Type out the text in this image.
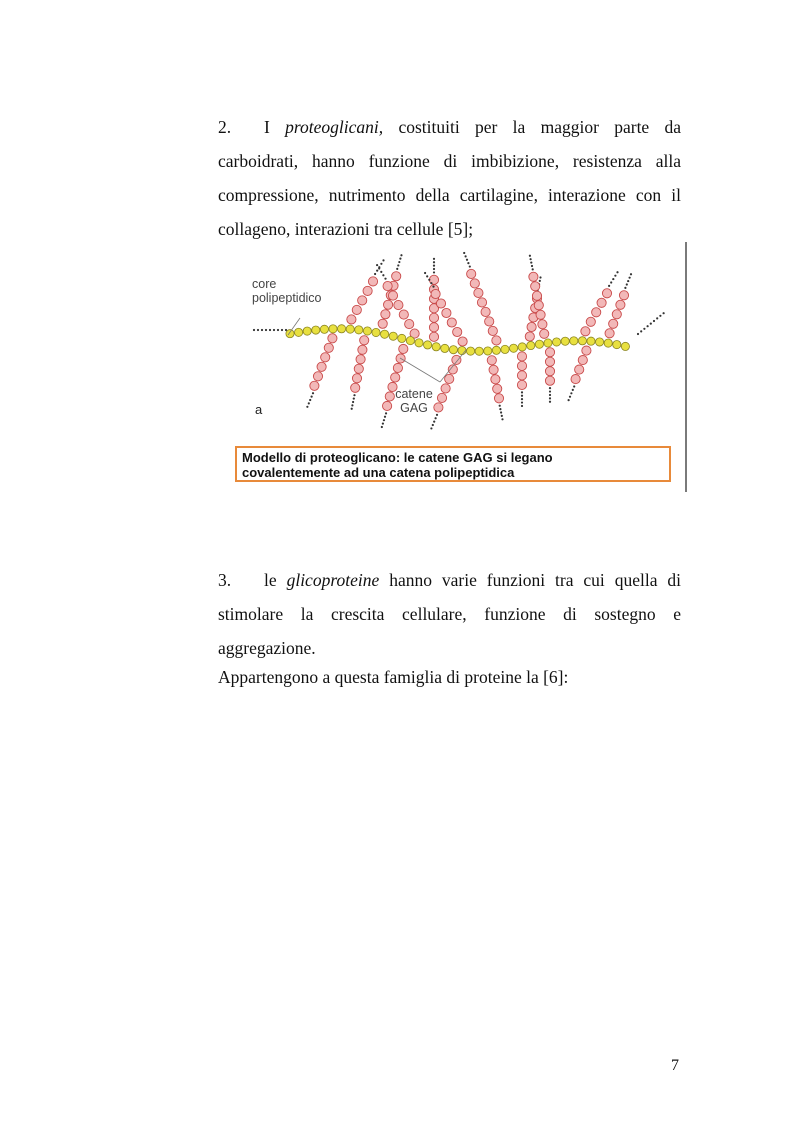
2. I proteoglicani, costituiti per la maggior parte da carboidrati, hanno funzione di imbibizione, resistenza alla compressione, nutrimento della cartilagine, interazione con il collageno, interazioni tra cellule [5];

core
polipeptidico
catene
GAG
a
Modello di proteoglicano: le catene GAG si legano
covalentemente ad una catena polipeptidica

3. le glicoproteine hanno varie funzioni tra cui quella di stimolare la crescita cellulare, funzione di sostegno e aggregazione.

Appartengono a questa famiglia di proteine la [6]:
7
